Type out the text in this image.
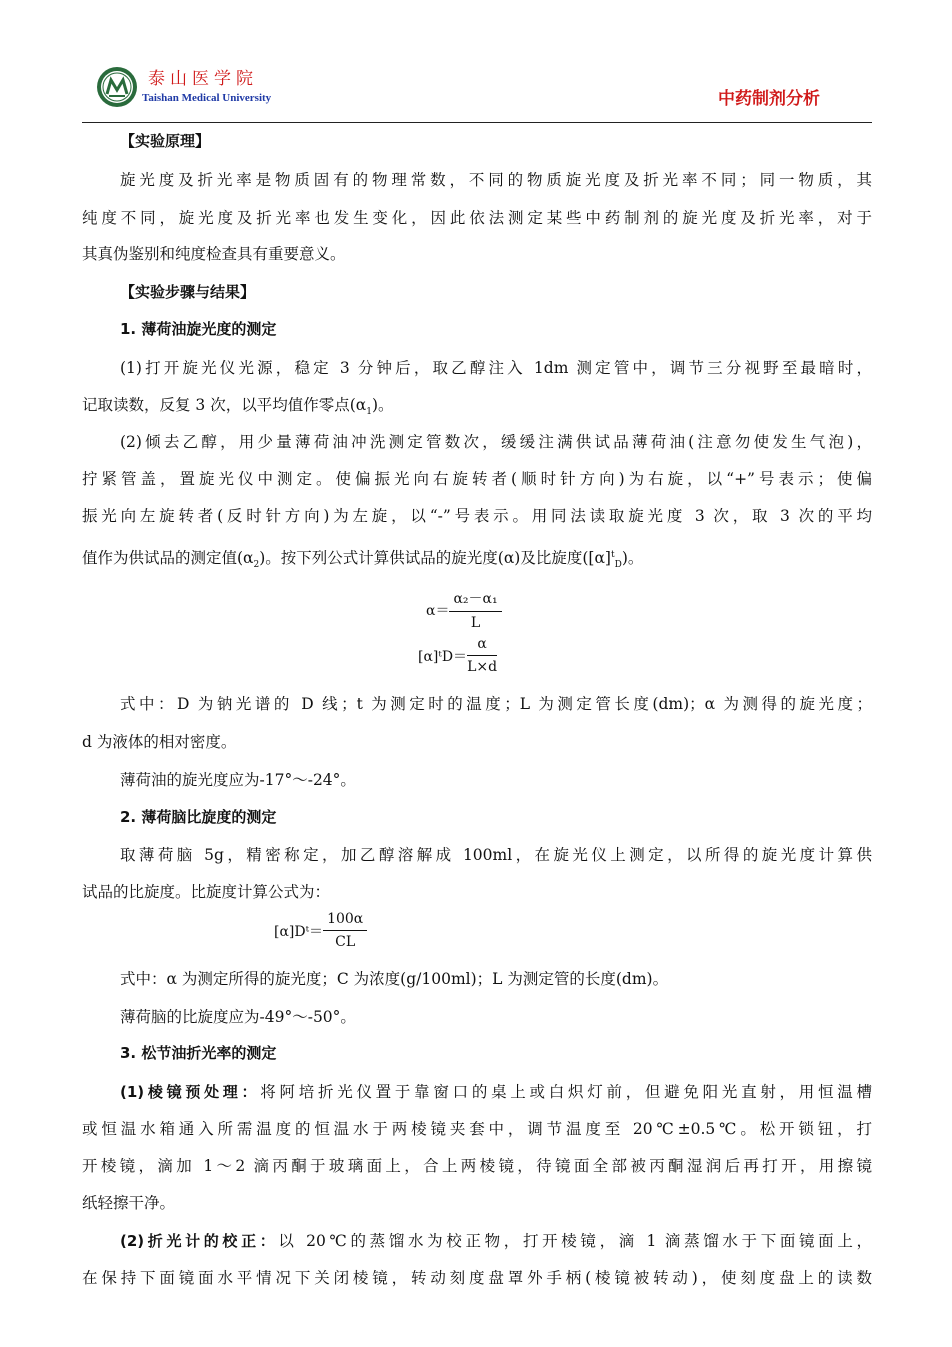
泰山医学院
Taishan Medical University	中药制剂分析
【实验原理】
旋光度及折光率是物质固有的物理常数，不同的物质旋光度及折光率不同；同一物质，其
纯度不同，旋光度及折光率也发生变化，因此依法测定某些中药制剂的旋光度及折光率，对于
其真伪鉴别和纯度检查具有重要意义。
【实验步骤与结果】
1. 薄荷油旋光度的测定
(1)打开旋光仪光源，稳定 3 分钟后，取乙醇注入 1dm 测定管中，调节三分视野至最暗时，
记取读数，反复 3 次，以平均值作零点$(\alpha_1)$。
(2)倾去乙醇，用少量薄荷油冲洗测定管数次，缓缓注满供试品薄荷油(注意勿使发生气泡)，
拧紧管盖，置旋光仪中测定。使偏振光向右旋转者(顺时针方向)为右旋，以“+”号表示；使偏
振光向左旋转者(反时针方向)为左旋，以“-”号表示。用同法读取旋光度 3 次，取 3 次的平均
值作为供试品的测定值$(\alpha_2)$。按下列公式计算供试品的旋光度(α)及比旋度$([\alpha]^t_D)$。
$\alpha= \frac{\text{α₂－α₁}}{L}$
[α]ᵗD＝ $\frac{\alpha}{L\times d}$
式中：D 为钠光谱的 D 线；t 为测定时的温度；L 为测定管长度(dm)；α 为测得的旋光度；
d 为液体的相对密度。
薄荷油的旋光度应为-17°～-24°。
2. 薄荷脑比旋度的测定
取薄荷脑 5g，精密称定，加乙醇溶解成 100ml，在旋光仪上测定，以所得的旋光度计算供
试品的比旋度。比旋度计算公式为：
[α]Dᵗ＝ $\frac{100\alpha}{CL}$
式中：α 为测定所得的旋光度；C 为浓度(g/100ml)；L 为测定管的长度(dm)。
薄荷脑的比旋度应为-49°～-50°。
3. 松节油折光率的测定
(1)棱镜预处理：将阿培折光仪置于靠窗口的桌上或白炽灯前，但避免阳光直射，用恒温槽
或恒温水箱通入所需温度的恒温水于两棱镜夹套中，调节温度至 20℃±0.5℃。松开锁钮，打
开棱镜，滴加 1～2 滴丙酮于玻璃面上，合上两棱镜，待镜面全部被丙酮湿润后再打开，用擦镜
纸轻擦干净。
(2)折光计的校正：以 20℃的蒸馏水为校正物，打开棱镜，滴 1 滴蒸馏水于下面镜面上，
在保持下面镜面水平情况下关闭棱镜，转动刻度盘罩外手柄(棱镜被转动)，使刻度盘上的读数
